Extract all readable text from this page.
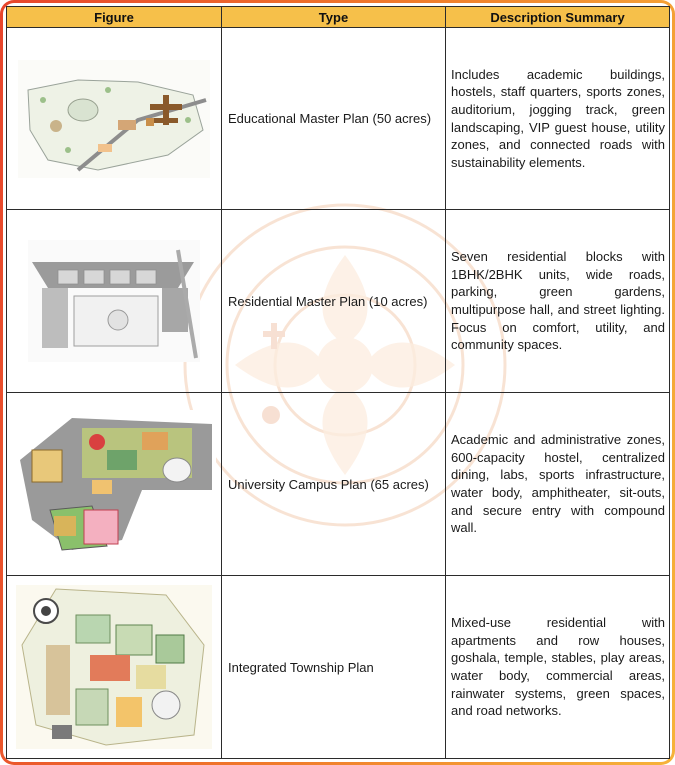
Figure	Type	Description Summary

	Educational Master Plan (50 acres)	Includes academic buildings, hostels, staff quarters, sports zones, auditorium, jogging track, green landscaping, VIP guest house, utility zones, and connected roads with sustainability elements.

	Residential Master Plan (10 acres)	Seven residential blocks with 1BHK/2BHK units, wide roads, parking, green gardens, multipurpose hall, and street lighting. Focus on comfort, utility, and community spaces.

	University Campus Plan (65 acres)	Academic and administrative zones, 600-capacity hostel, centralized dining, labs, sports infrastructure, water body, amphitheater, sit-outs, and secure entry with compound wall.

	Integrated Township Plan	Mixed-use residential with apartments and row houses, goshala, temple, stables, play areas, water body, commercial areas, rainwater systems, green spaces, and road networks.
